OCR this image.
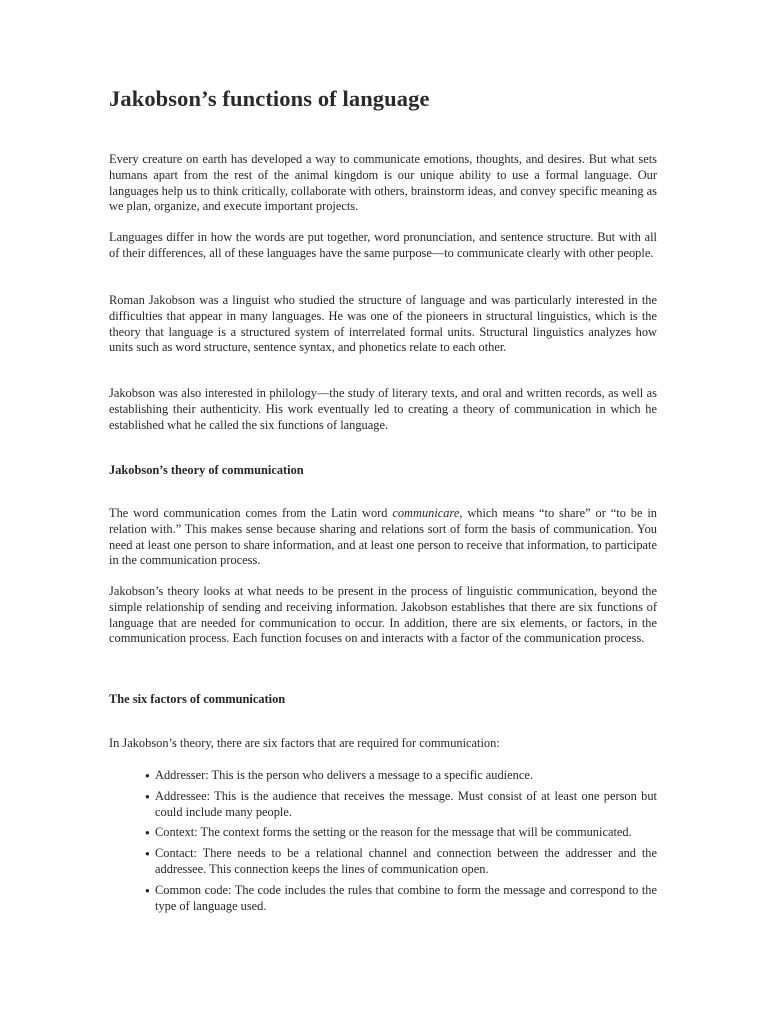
Jakobson’s functions of language

Every creature on earth has developed a way to communicate emotions, thoughts, and desires. But what sets humans apart from the rest of the animal kingdom is our unique ability to use a formal language. Our languages help us to think critically, collaborate with others, brainstorm ideas, and convey specific meaning as we plan, organize, and execute important projects.

Languages differ in how the words are put together, word pronunciation, and sentence structure. But with all of their differences, all of these languages have the same purpose—to communicate clearly with other people.

Roman Jakobson was a linguist who studied the structure of language and was particularly interested in the difficulties that appear in many languages. He was one of the pioneers in structural linguistics, which is the theory that language is a structured system of interrelated formal units. Structural linguistics analyzes how units such as word structure, sentence syntax, and phonetics relate to each other.

Jakobson was also interested in philology—the study of literary texts, and oral and written records, as well as establishing their authenticity. His work eventually led to creating a theory of communication in which he established what he called the six functions of language.

Jakobson’s theory of communication

The word communication comes from the Latin word communicare, which means “to share” or “to be in relation with.” This makes sense because sharing and relations sort of form the basis of communication. You need at least one person to share information, and at least one person to receive that information, to participate in the communication process.

Jakobson’s theory looks at what needs to be present in the process of linguistic communication, beyond the simple relationship of sending and receiving information. Jakobson establishes that there are six functions of language that are needed for communication to occur. In addition, there are six elements, or factors, in the communication process. Each function focuses on and interacts with a factor of the communication process.

The six factors of communication

In Jakobson’s theory, there are six factors that are required for communication:

Addresser: This is the person who delivers a message to a specific audience.
●
Addressee: This is the audience that receives the message. Must consist of at least one person but could include many people.
●
Context: The context forms the setting or the reason for the message that will be communicated.
●
Contact: There needs to be a relational channel and connection between the addresser and the addressee. This connection keeps the lines of communication open.
●
Common code: The code includes the rules that combine to form the message and correspond to the type of language used.
●
